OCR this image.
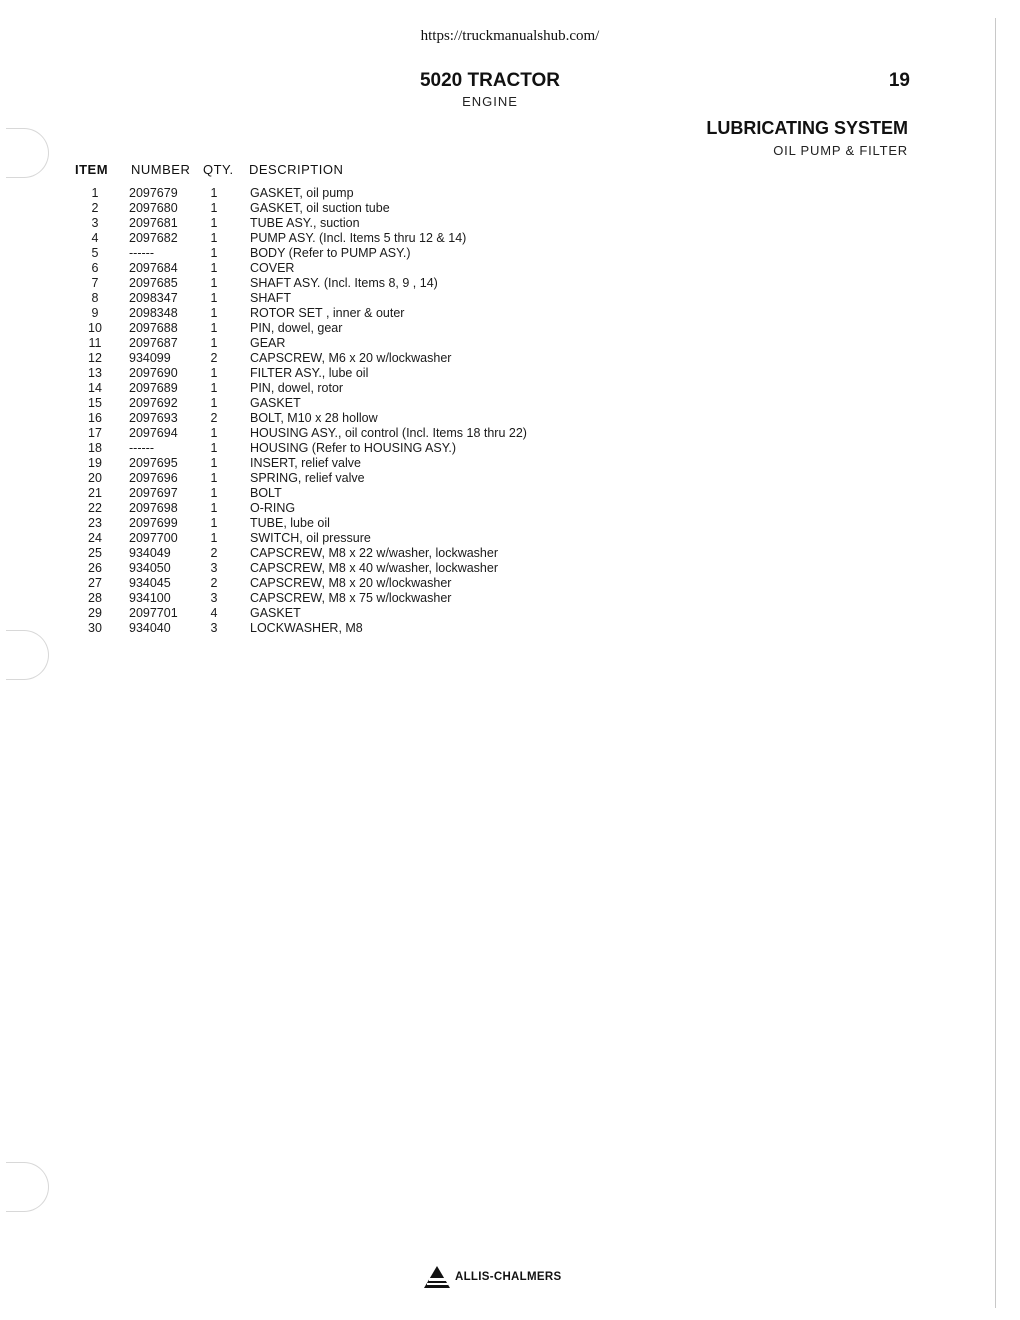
https://truckmanualshub.com/
5020 TRACTOR
ENGINE
19
LUBRICATING SYSTEM
OIL PUMP & FILTER
ITEM NUMBER QTY. DESCRIPTION
1	2097679	1	GASKET, oil pump
2	2097680	1	GASKET, oil suction tube
3	2097681	1	TUBE ASY., suction
4	2097682	1	PUMP ASY. (Incl. Items 5 thru 12 & 14)
5	------	1	BODY (Refer to PUMP ASY.)
6	2097684	1	COVER
7	2097685	1	SHAFT ASY. (Incl. Items 8, 9 , 14)
8	2098347	1	SHAFT
9	2098348	1	ROTOR SET , inner & outer
10	2097688	1	PIN, dowel, gear
11	2097687	1	GEAR
12	934099	2	CAPSCREW, M6 x 20 w/lockwasher
13	2097690	1	FILTER ASY., lube oil
14	2097689	1	PIN, dowel, rotor
15	2097692	1	GASKET
16	2097693	2	BOLT, M10 x 28 hollow
17	2097694	1	HOUSING ASY., oil control (Incl. Items 18 thru 22)
18	------	1	HOUSING (Refer to HOUSING ASY.)
19	2097695	1	INSERT, relief valve
20	2097696	1	SPRING, relief valve
21	2097697	1	BOLT
22	2097698	1	O-RING
23	2097699	1	TUBE, lube oil
24	2097700	1	SWITCH, oil pressure
25	934049	2	CAPSCREW, M8 x 22 w/washer, lockwasher
26	934050	3	CAPSCREW, M8 x 40 w/washer, lockwasher
27	934045	2	CAPSCREW, M8 x 20 w/lockwasher
28	934100	3	CAPSCREW, M8 x 75 w/lockwasher
29	2097701	4	GASKET
30	934040	3	LOCKWASHER, M8
ALLIS-CHALMERS
